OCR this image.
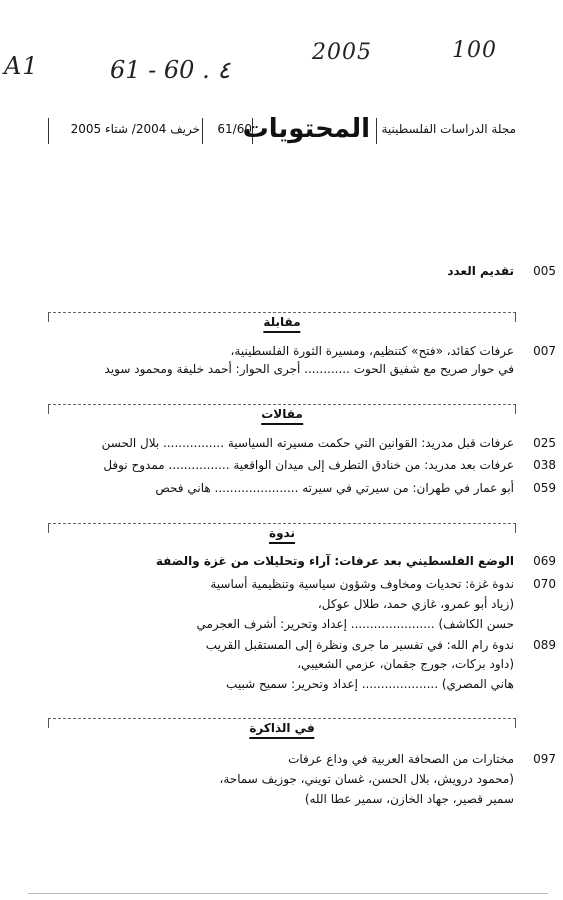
A1	61 - 60 . ٤
2005	100
خريف 2004/ شتاء 2005 61/60
المحتويات مجلة الدراسات الفلسطينية
005
تقديم العدد
مقابلة
007
عرفات كقائد، «فتح» كتنظيم، ومسيرة الثورة الفلسطينية،
في حوار صريح مع شفيق الحوت ............ أجرى الحوار: أحمد خليفة ومحمود سويد
مقالات
025
عرفات قبل مدريد: القوانين التي حكمت مسيرته السياسية ................ بلال الحسن
038
عرفات بعد مدريد: من خنادق التطرف إلى ميدان الواقعية ................ ممدوح نوفل
059
أبو عمار في طهران: من سيرتي في سيرته ...................... هاني فحص
ندوة
069
الوضع الفلسطيني بعد عرفات: آراء وتحليلات من غزة والضفة
070
ندوة غزة: تحديات ومخاوف وشؤون سياسية وتنظيمية أساسية
(زياد أبو عمرو، غازي حمد، طلال عوكل،
حسن الكاشف) ...................... إعداد وتحرير: أشرف العجرمي
089
ندوة رام الله: في تفسير ما جرى ونظرة إلى المستقبل القريب
(داود بركات، جورج جقمان، عزمي الشعيبي،
هاني المصري) .................... إعداد وتحرير: سميح شبيب
في الذاكرة
097
مختارات من الصحافة العربية في وداع عرفات
(محمود درويش، بلال الحسن، غسان تويني، جوزيف سماحة،
سمير قصير، جهاد الخازن، سمير عطا الله)
